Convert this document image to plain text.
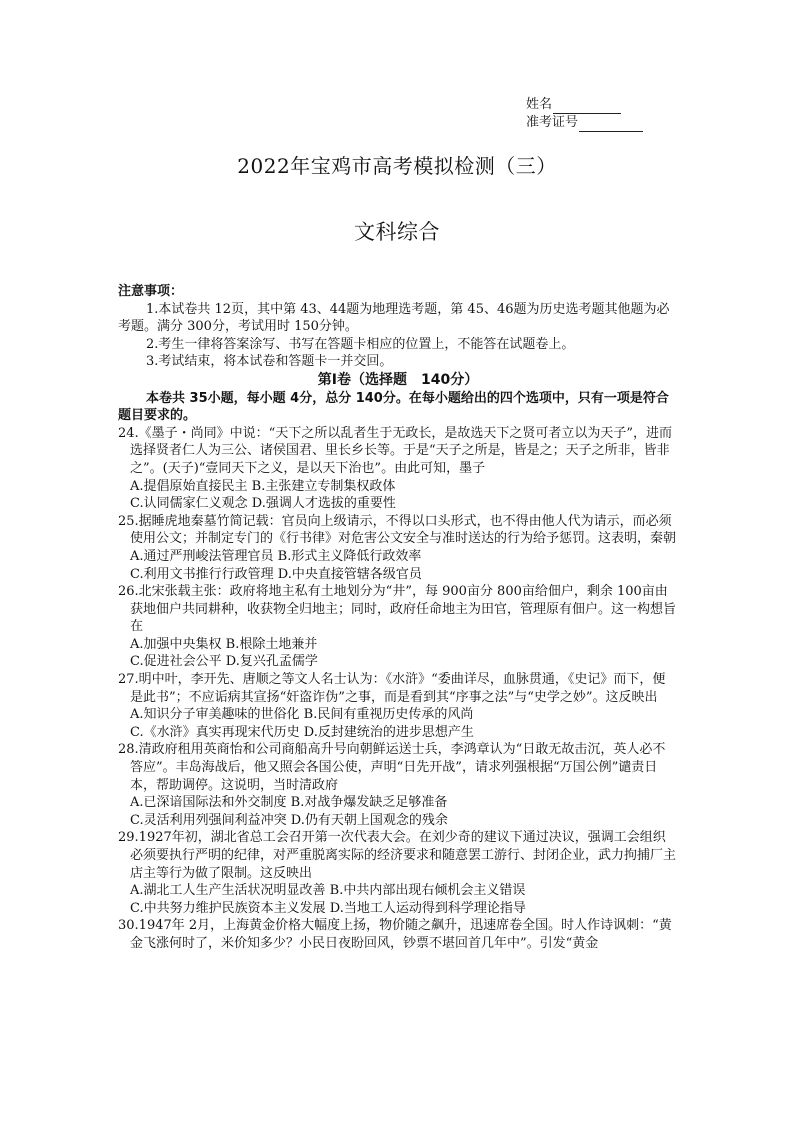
姓名
准考证号
2022年宝鸡市高考模拟检测（三）
文科综合

注意事项：

1.本试卷共 12页，其中第 43、44题为地理选考题，第 45、46题为历史选考题其他题为必考题。满分 300分，考试用时 150分钟。

2.考生一律将答案涂写、书写在答题卡相应的位置上，不能答在试题卷上。

3.考试结束，将本试卷和答题卡一并交回。

第Ⅰ卷（选择题　140分）

本卷共 35小题，每小题 4分，总分 140分。在每小题给出的四个选项中，只有一项是符合题目要求的。

24.《墨子・尚同》中说：“天下之所以乱者生于无政长，是故选天下之贤可者立以为天子”，进而选择贤者仁人为三公、诸侯国君、里长乡长等。于是“天子之所是，皆是之；天子之所非，皆非之”。(天子)“壹同天下之义，是以天下治也”。由此可知，墨子

A.提倡原始直接民主 B.主张建立专制集权政体

C.认同儒家仁义观念 D.强调人才选拔的重要性

25.据睡虎地秦墓竹简记载：官员向上级请示，不得以口头形式，也不得由他人代为请示，而必须使用公文；并制定专门的《行书律》对危害公文安全与准时送达的行为给予惩罚。这表明，秦朝

A.通过严刑峻法管理官员 B.形式主义降低行政效率

C.利用文书推行行政管理 D.中央直接管辖各级官员

26.北宋张载主张：政府将地主私有土地划分为“井”，每 900亩分 800亩给佃户，剩余 100亩由获地佃户共同耕种，收获物全归地主；同时，政府任命地主为田官，管理原有佃户。这一构想旨在

A.加强中央集权 B.根除土地兼并

C.促进社会公平 D.复兴孔孟儒学

27.明中叶，李开先、唐顺之等文人名士认为：《水浒》“委曲详尽，血脉贯通，《史记》而下，便是此书”；不应诟病其宣扬“奸盗诈伪”之事，而是看到其“序事之法”与“史学之妙”。这反映出

A.知识分子审美趣味的世俗化 B.民间有重视历史传承的风尚

C.《水浒》真实再现宋代历史 D.反封建统治的进步思想产生

28.清政府租用英商怡和公司商船高升号向朝鲜运送士兵，李鸿章认为“日敢无故击沉，英人必不答应”。丰岛海战后，他又照会各国公使，声明“日先开战”，请求列强根据“万国公例”谴责日本，帮助调停。这说明，当时清政府

A.已深谙国际法和外交制度 B.对战争爆发缺乏足够准备

C.灵活利用列强间利益冲突 D.仍有天朝上国观念的残余

29.1927年初，湖北省总工会召开第一次代表大会。在刘少奇的建议下通过决议，强调工会组织必须要执行严明的纪律，对严重脱离实际的经济要求和随意罢工游行、封闭企业，武力拘捕厂主店主等行为做了限制。这反映出

A.湖北工人生产生活状况明显改善 B.中共内部出现右倾机会主义错误

C.中共努力维护民族资本主义发展 D.当地工人运动得到科学理论指导

30.1947年 2月，上海黄金价格大幅度上扬，物价随之飙升，迅速席卷全国。时人作诗讽刺：“黄金飞涨何时了，米价知多少？小民日夜盼回风，钞票不堪回首几年中”。引发“黄金
